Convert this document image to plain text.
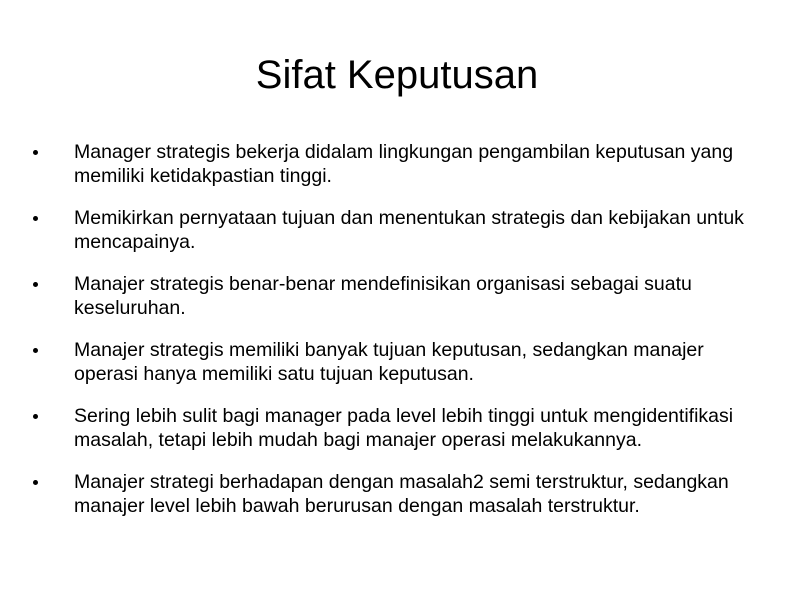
Sifat Keputusan
Manager strategis bekerja didalam lingkungan pengambilan keputusan yang memiliki ketidakpastian tinggi.
Memikirkan pernyataan tujuan dan menentukan strategis dan kebijakan untuk mencapainya.
Manajer strategis benar-benar mendefinisikan organisasi sebagai suatu keseluruhan.
Manajer strategis memiliki banyak tujuan keputusan, sedangkan manajer operasi hanya memiliki satu tujuan keputusan.
Sering lebih sulit bagi manager pada level lebih tinggi untuk mengidentifikasi masalah, tetapi lebih mudah bagi manajer operasi melakukannya.
Manajer strategi berhadapan dengan masalah2 semi terstruktur, sedangkan manajer level lebih bawah berurusan dengan masalah terstruktur.
